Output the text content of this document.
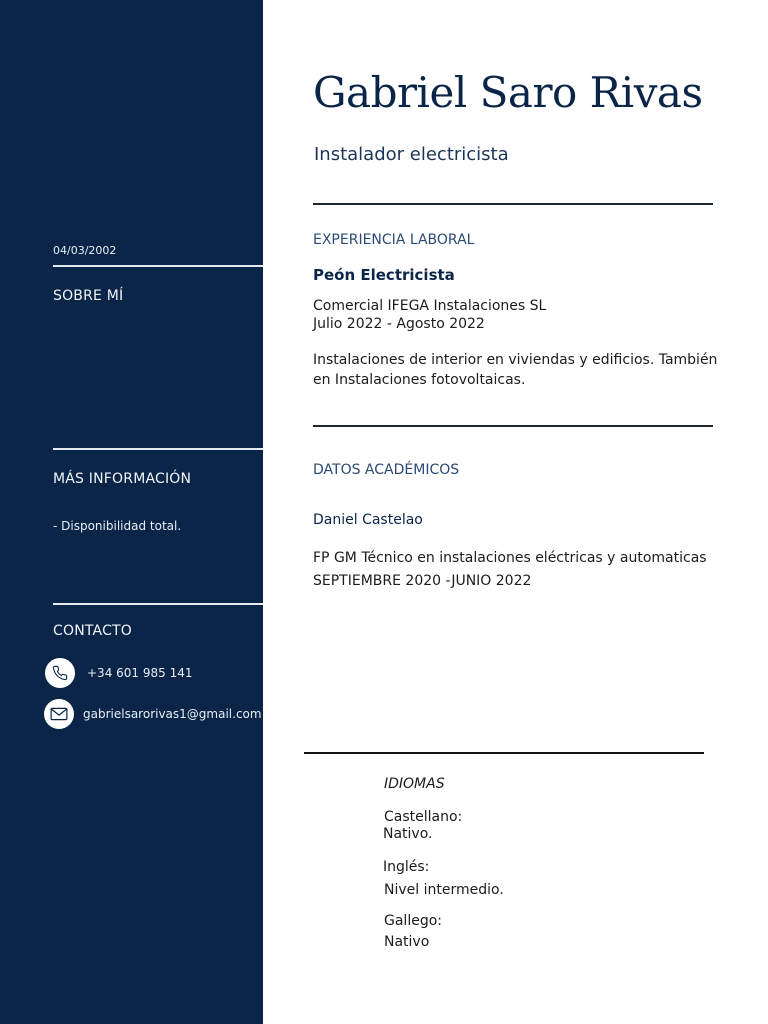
04/03/2002
SOBRE MÍ
MÁS INFORMACIÓN
- Disponibilidad total.
CONTACTO
+34 601 985 141
gabrielsarorivas1@gmail.com
Gabriel Saro Rivas
Instalador electricista
EXPERIENCIA LABORAL
Peón Electricista
Comercial IFEGA Instalaciones SL
Julio 2022 - Agosto 2022
Instalaciones de interior en viviendas y edificios. También en Instalaciones fotovoltaicas.
DATOS ACADÉMICOS
Daniel Castelao
FP GM Técnico en instalaciones eléctricas y automaticas
SEPTIEMBRE 2020 -JUNIO 2022
IDIOMAS
Castellano:
Nativo.
Inglés:
Nivel intermedio.
Gallego:
Nativo
